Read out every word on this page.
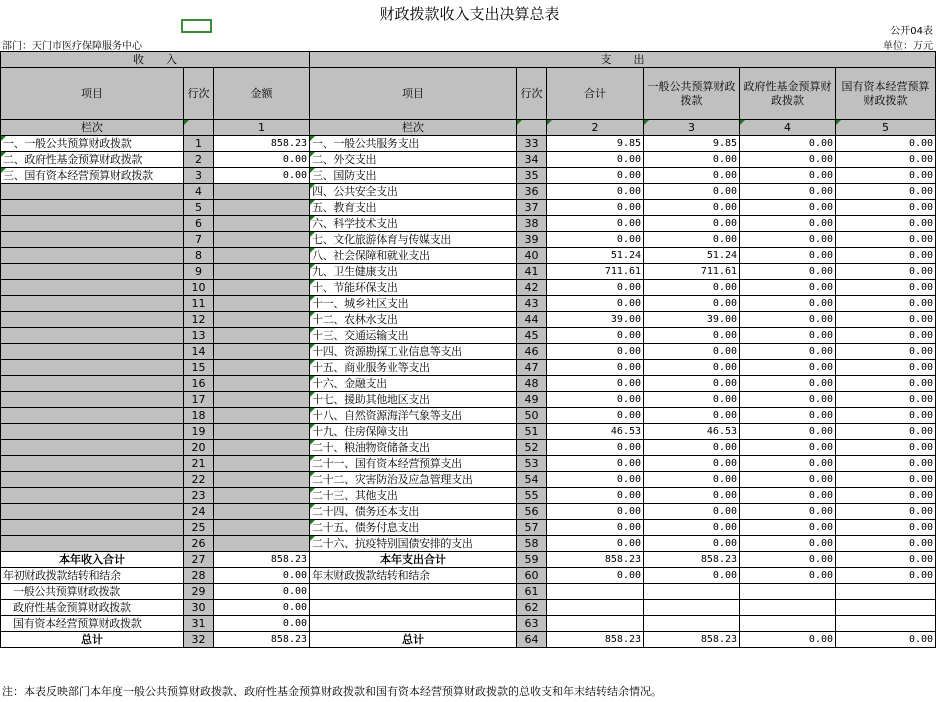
财政拨款收入支出决算总表
部门：天门市医疗保障服务中心
公开04表
单位：万元
收　　入			支　　出					
项目	行次	金额	项目	行次	合计	一般公共预算财政拨款	政府性基金预算财政拨款	国有资本经营预算财政拨款
栏次		1	栏次		2	3	4	5
一、一般公共预算财政拨款	1	858.23	一、一般公共服务支出	33	9.85	9.85	0.00	0.00
二、政府性基金预算财政拨款	2	0.00	二、外交支出	34	0.00	0.00	0.00	0.00
三、国有资本经营预算财政拨款	3	0.00	三、国防支出	35	0.00	0.00	0.00	0.00
	4		四、公共安全支出	36	0.00	0.00	0.00	0.00
	5		五、教育支出	37	0.00	0.00	0.00	0.00
	6		六、科学技术支出	38	0.00	0.00	0.00	0.00
	7		七、文化旅游体育与传媒支出	39	0.00	0.00	0.00	0.00
	8		八、社会保障和就业支出	40	51.24	51.24	0.00	0.00
	9		九、卫生健康支出	41	711.61	711.61	0.00	0.00
	10		十、节能环保支出	42	0.00	0.00	0.00	0.00
	11		十一、城乡社区支出	43	0.00	0.00	0.00	0.00
	12		十二、农林水支出	44	39.00	39.00	0.00	0.00
	13		十三、交通运输支出	45	0.00	0.00	0.00	0.00
	14		十四、资源勘探工业信息等支出	46	0.00	0.00	0.00	0.00
	15		十五、商业服务业等支出	47	0.00	0.00	0.00	0.00
	16		十六、金融支出	48	0.00	0.00	0.00	0.00
	17		十七、援助其他地区支出	49	0.00	0.00	0.00	0.00
	18		十八、自然资源海洋气象等支出	50	0.00	0.00	0.00	0.00
	19		十九、住房保障支出	51	46.53	46.53	0.00	0.00
	20		二十、粮油物资储备支出	52	0.00	0.00	0.00	0.00
	21		二十一、国有资本经营预算支出	53	0.00	0.00	0.00	0.00
	22		二十二、灾害防治及应急管理支出	54	0.00	0.00	0.00	0.00
	23		二十三、其他支出	55	0.00	0.00	0.00	0.00
	24		二十四、债务还本支出	56	0.00	0.00	0.00	0.00
	25		二十五、债务付息支出	57	0.00	0.00	0.00	0.00
	26		二十六、抗疫特别国债安排的支出	58	0.00	0.00	0.00	0.00
本年收入合计	27	858.23	本年支出合计	59	858.23	858.23	0.00	0.00
年初财政拨款结转和结余	28	0.00	年末财政拨款结转和结余	60	0.00	0.00	0.00	0.00
一般公共预算财政拨款	29	0.00		61				
政府性基金预算财政拨款	30	0.00		62				
国有资本经营预算财政拨款	31	0.00		63				
总计	32	858.23	总计	64	858.23	858.23	0.00	0.00
注：本表反映部门本年度一般公共预算财政拨款、政府性基金预算财政拨款和国有资本经营预算财政拨款的总收支和年末结转结余情况。
